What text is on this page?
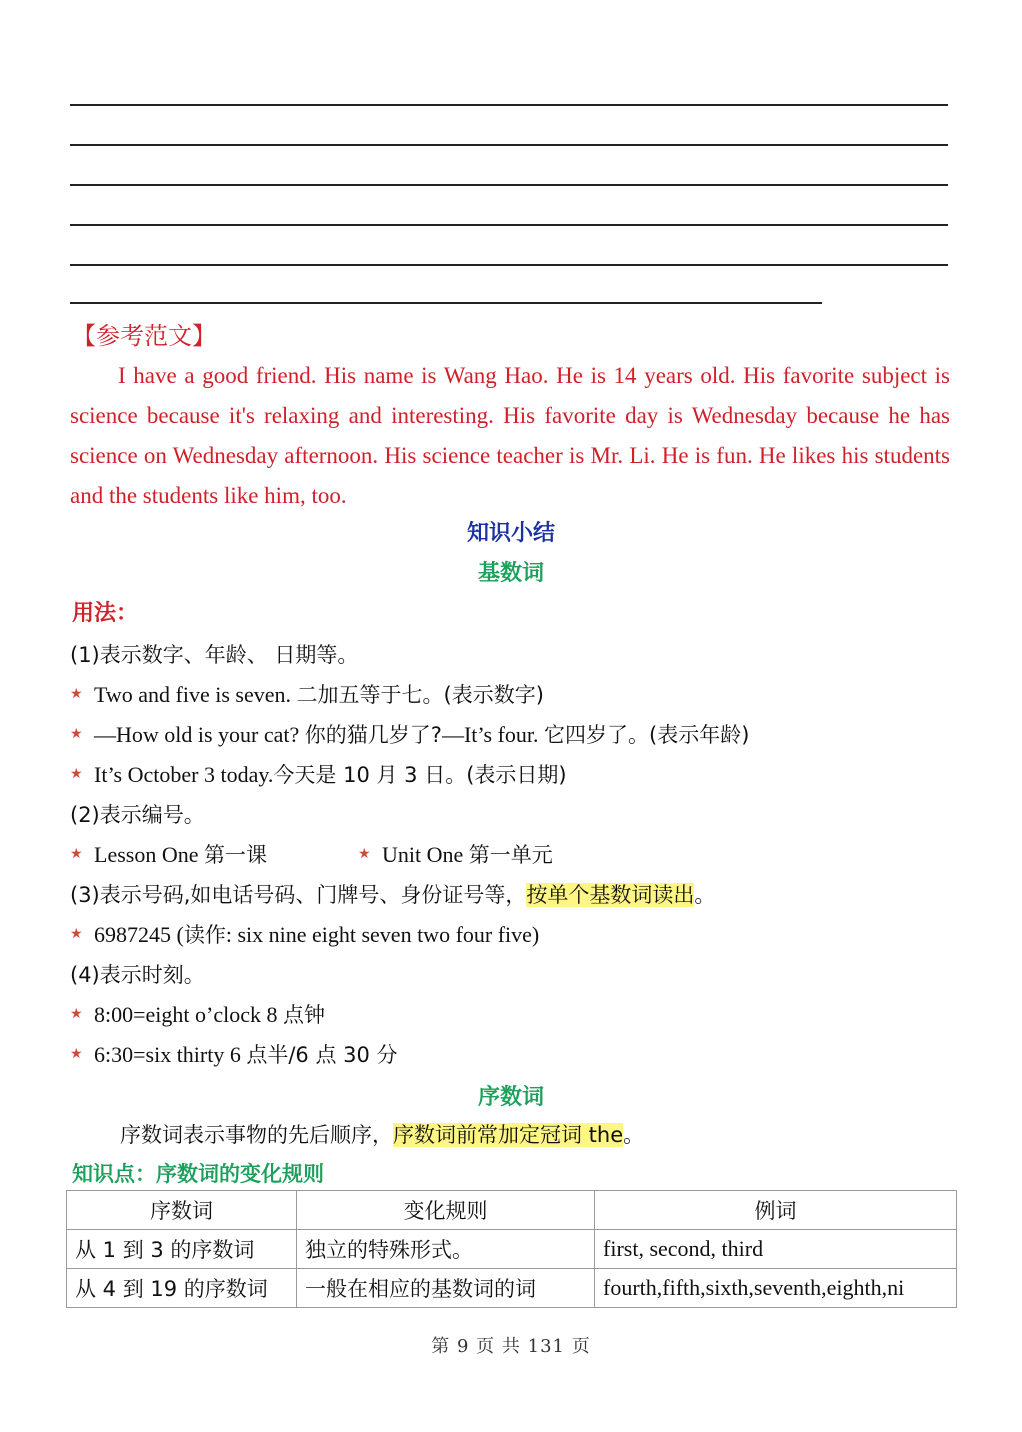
【参考范文】
I have a good friend. His name is Wang Hao. He is 14 years old. His favorite subject is science because it's relaxing and interesting. His favorite day is Wednesday because he has science on Wednesday afternoon. His science teacher is Mr. Li. He is fun. He likes his students and the students like him, too.
知识小结
基数词
用法：
(1)表示数字、年龄、 日期等。
★ Two and five is seven. 二加五等于七。(表示数字)
★ —How old is your cat? 你的猫几岁了?—It’s four. 它四岁了。(表示年龄)
★ It’s October 3 today.今天是 10 月 3 日。(表示日期)
(2)表示编号。
★ Lesson One 第一课	★ Unit One 第一单元
(3)表示号码,如电话号码、门牌号、身份证号等，按单个基数词读出。
★ 6987245 (读作: six nine eight seven two four five)
(4)表示时刻。
★ 8:00=eight o’clock 8 点钟
★ 6:30=six thirty 6 点半/6 点 30 分
序数词
序数词表示事物的先后顺序，序数词前常加定冠词 the。
知识点：序数词的变化规则
序数词	变化规则	例词
从 1 到 3 的序数词	独立的特殊形式。	first, second, third
从 4 到 19 的序数词	一般在相应的基数词的词	fourth,fifth,sixth,seventh,eighth,ni
第 9 页 共 131 页
